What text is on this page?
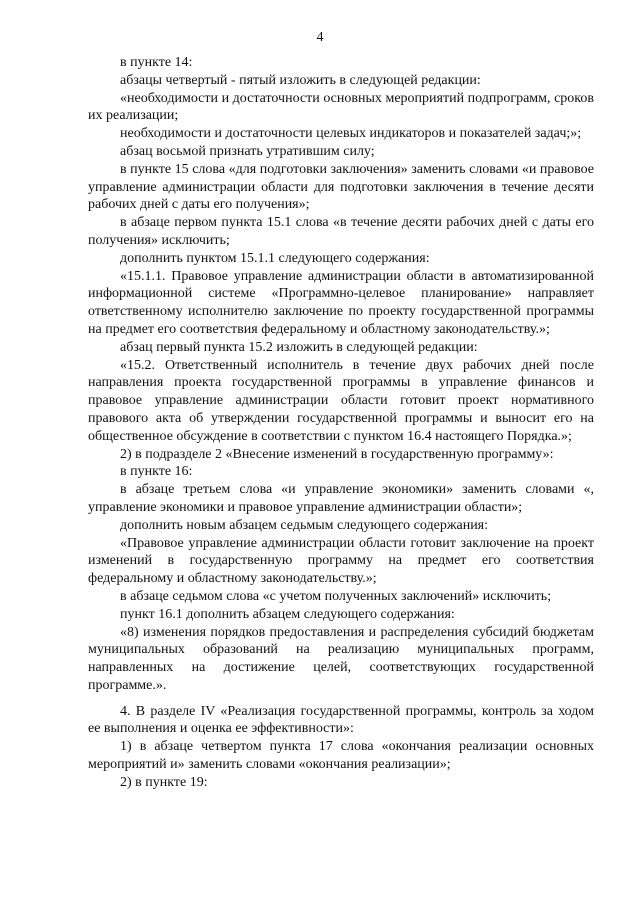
4

в пункте 14:

абзацы четвертый - пятый изложить в следующей редакции:

«необходимости и достаточности основных мероприятий подпрограмм, сроков их реализации;

необходимости и достаточности целевых индикаторов и показателей задач;»;

абзац восьмой признать утратившим силу;

в пункте 15 слова «для подготовки заключения» заменить словами «и правовое управление администрации области для подготовки заключения в течение десяти рабочих дней с даты его получения»;

в абзаце первом пункта 15.1 слова «в течение десяти рабочих дней с даты его получения» исключить;

дополнить пунктом 15.1.1 следующего содержания:

«15.1.1. Правовое управление администрации области в автоматизированной информационной системе «Программно-целевое планирование» направляет ответственному исполнителю заключение по проекту государственной программы на предмет его соответствия федеральному и областному законодательству.»;

абзац первый пункта 15.2 изложить в следующей редакции:

«15.2. Ответственный исполнитель в течение двух рабочих дней после направления проекта государственной программы в управление финансов и правовое управление администрации области готовит проект нормативного правового акта об утверждении государственной программы и выносит его на общественное обсуждение в соответствии с пунктом 16.4 настоящего Порядка.»;

2) в подразделе 2 «Внесение изменений в государственную программу»:

в пункте 16:

в абзаце третьем слова «и управление экономики» заменить словами «, управление экономики и правовое управление администрации области»;

дополнить новым абзацем седьмым следующего содержания:

«Правовое управление администрации области готовит заключение на проект изменений в государственную программу на предмет его соответствия федеральному и областному законодательству.»;

в абзаце седьмом слова «с учетом полученных заключений» исключить;

пункт 16.1 дополнить абзацем следующего содержания:

«8) изменения порядков предоставления и распределения субсидий бюджетам муниципальных образований на реализацию муниципальных программ, направленных на достижение целей, соответствующих государственной программе.».

4. В разделе IV «Реализация государственной программы, контроль за ходом ее выполнения и оценка ее эффективности»:

1) в абзаце четвертом пункта 17 слова «окончания реализации основных мероприятий и» заменить словами «окончания реализации»;

2) в пункте 19:
